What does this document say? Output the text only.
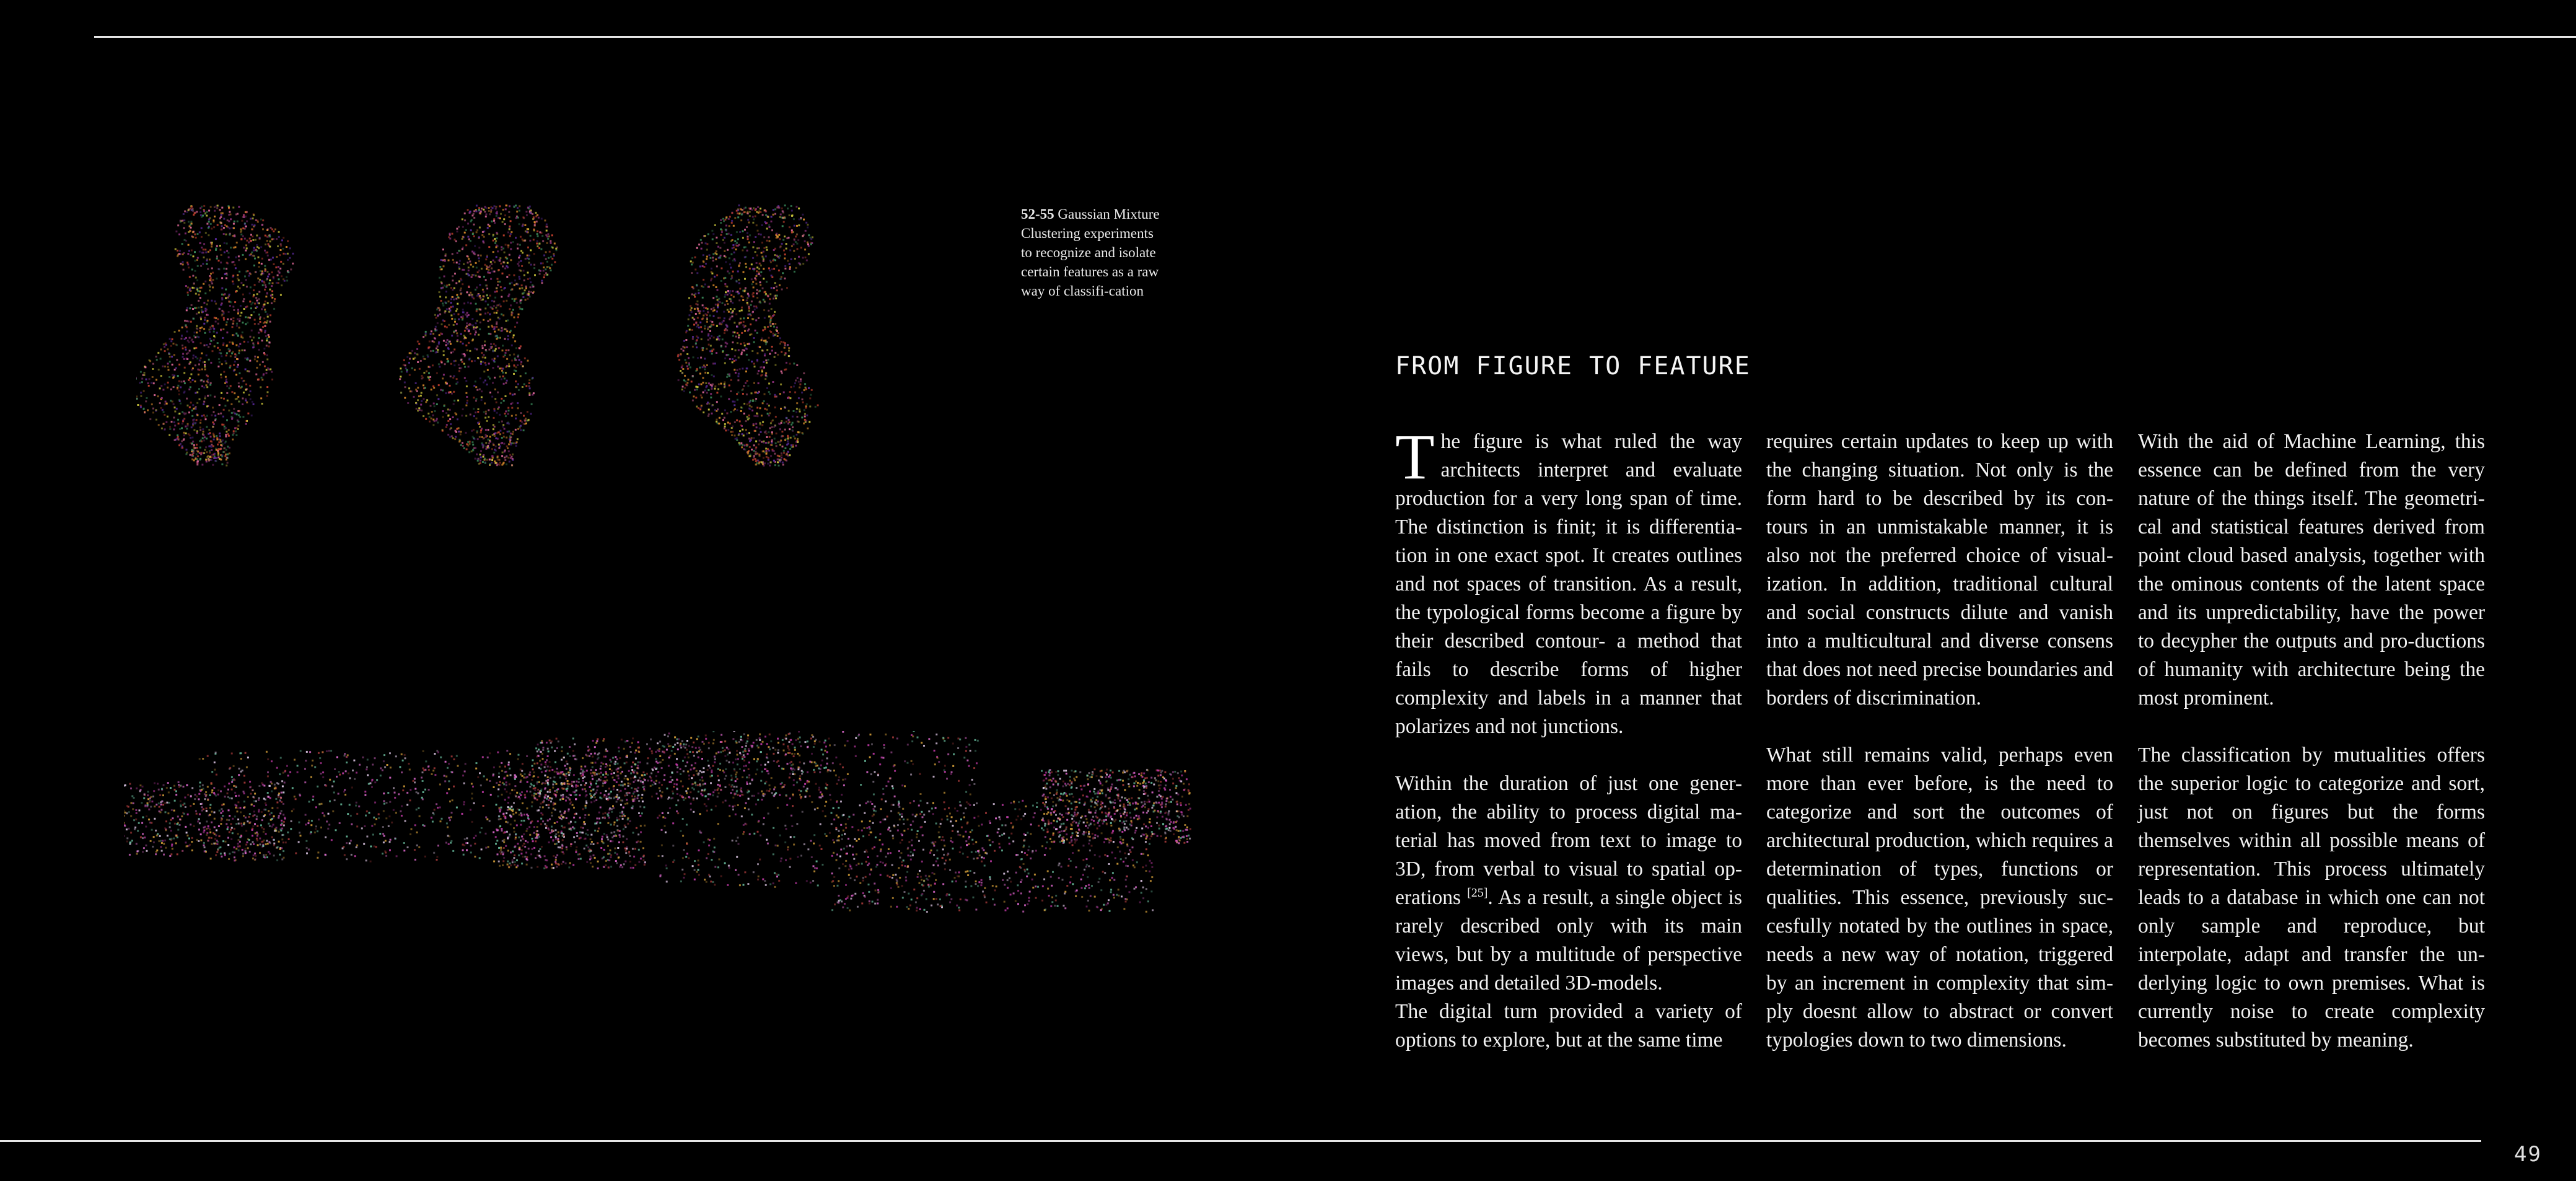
52-55 Gaussian Mixture Clustering experiments to recognize and isolate certain features as a raw way of classifi-cation
FROM FIGURE TO FEATURE

The figure is what ruled the way architects interpret and evaluate production for a very long span of time. The distinction is finit; it is differentia-tion in one exact spot. It creates outlines and not spaces of transition. As a result, the typological forms become a figure by their described contour- a method that fails to describe forms of higher complexity and labels in a manner that polarizes and not junctions.

Within the duration of just one gener-ation, the ability to process digital ma-terial has moved from text to image to 3D, from verbal to visual to spatial op-erations [25]. As a result, a single object is rarely described only with its main views, but by a multitude of perspective images and detailed 3D-models.

The digital turn provided a variety of options to explore, but at the same time

requires certain updates to keep up with the changing situation. Not only is the form hard to be described by its con-tours in an unmistakable manner, it is also not the preferred choice of visual-ization. In addition, traditional cultural and social constructs dilute and vanish into a multicultural and diverse consens that does not need precise boundaries and borders of discrimination.

What still remains valid, perhaps even more than ever before, is the need to categorize and sort the outcomes of architectural production, which requires a determination of types, functions or qualities. This essence, previously suc-cesfully notated by the outlines in space, needs a new way of notation, triggered by an increment in complexity that sim-ply doesnt allow to abstract or convert typologies down to two dimensions.

With the aid of Machine Learning, this essence can be defined from the very nature of the things itself. The geometri-cal and statistical features derived from point cloud based analysis, together with the ominous contents of the latent space and its unpredictability, have the power to decypher the outputs and pro-ductions of humanity with architecture being the most prominent.

The classification by mutualities offers the superior logic to categorize and sort, just not on figures but the forms themselves within all possible means of representation. This process ultimately leads to a database in which one can not only sample and reproduce, but interpolate, adapt and transfer the un-derlying logic to own premises. What is currently noise to create complexity becomes substituted by meaning.

49
